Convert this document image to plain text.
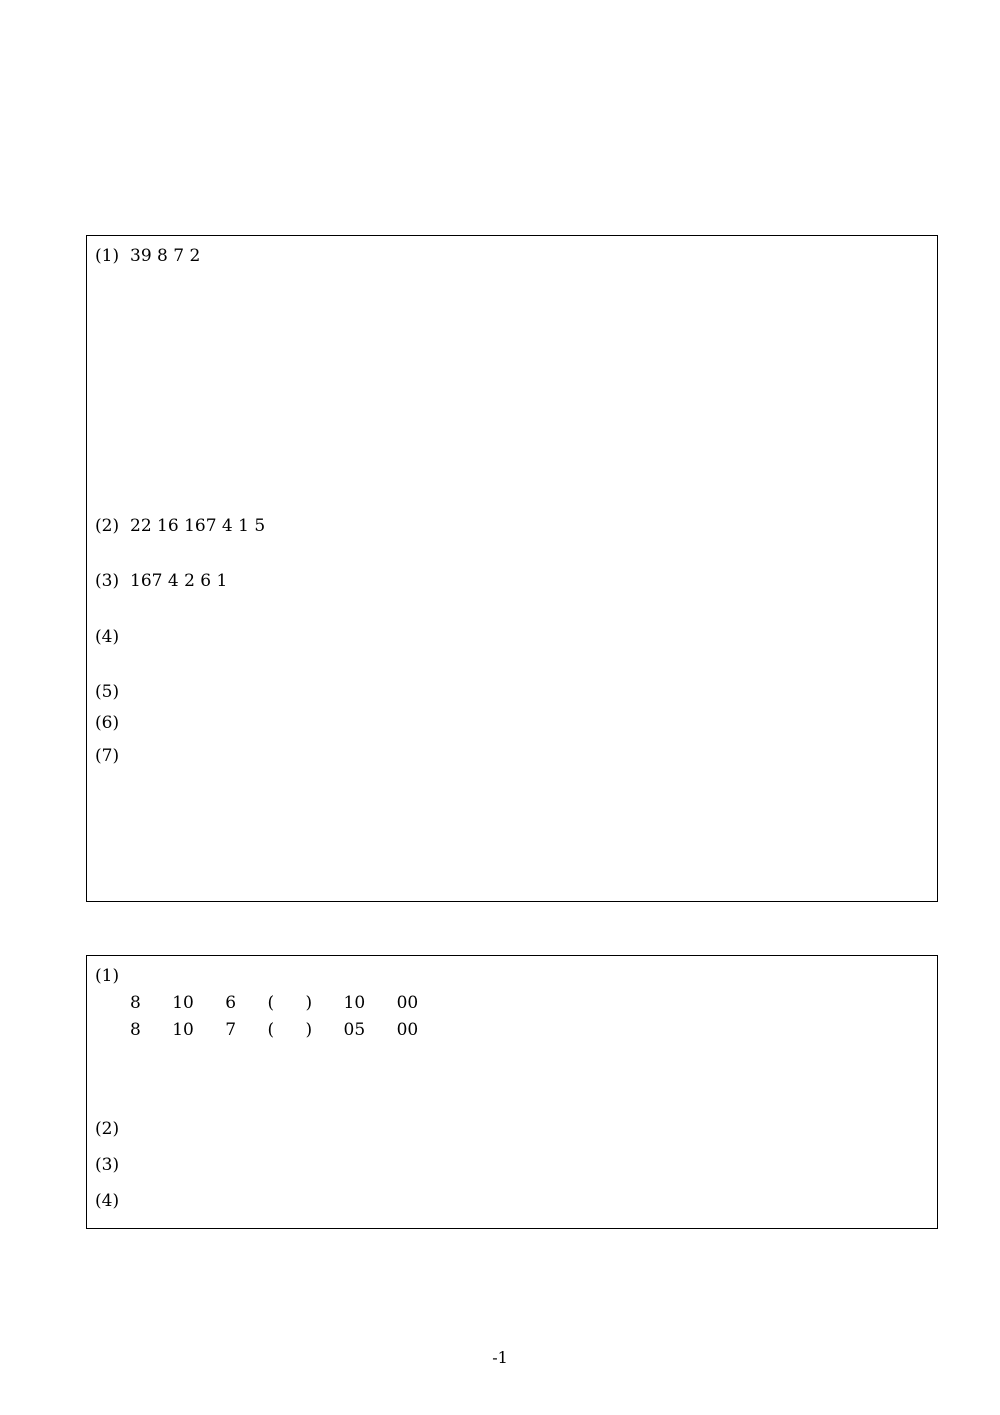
(1) 39 8 7 2
(2) 22 16 167 4 1 5
(3) 167 4 2 6 1
(4)
(5)
(6)
(7)
(1)
8 10 6 ( ) 10 00
8 10 7 ( ) 05 00
(2)
(3)
(4)
-1
